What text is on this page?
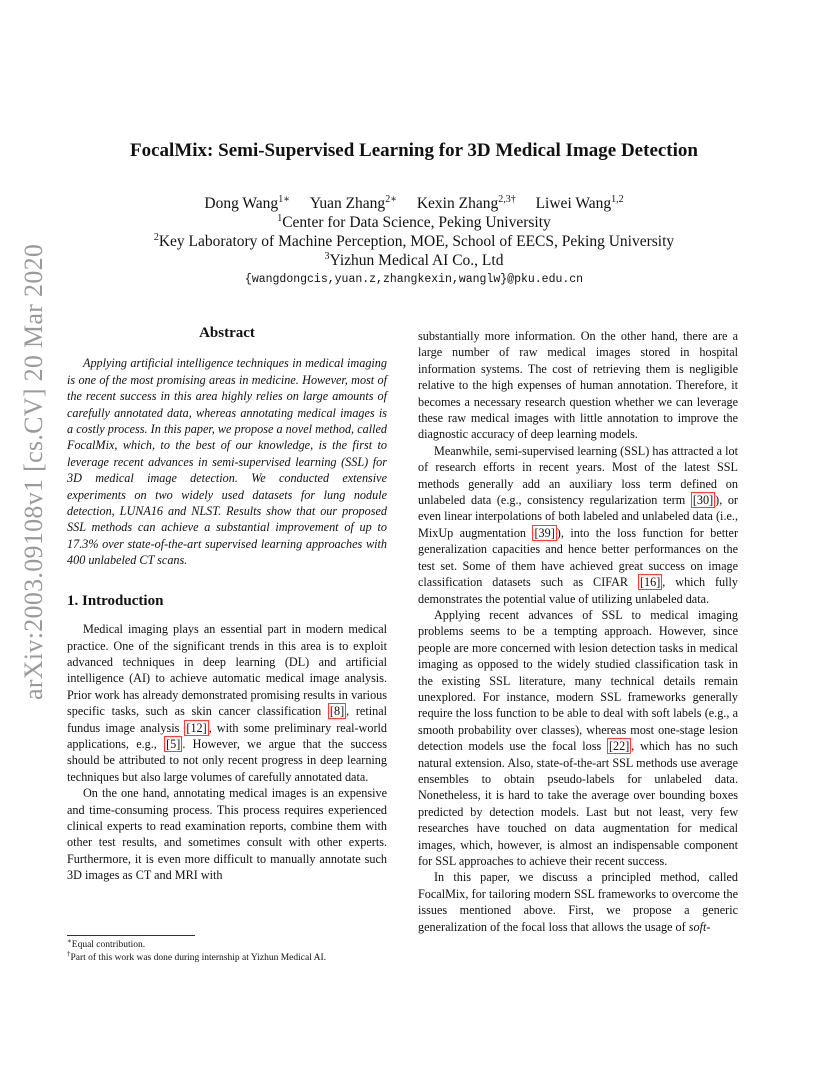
arXiv:2003.09108v1 [cs.CV] 20 Mar 2020
FocalMix: Semi-Supervised Learning for 3D Medical Image Detection
Dong Wang$^{1∗}$ Yuan Zhang$^{2∗}$ Kexin Zhang$^{2,3\dagger}$ Liwei Wang$^{1,2}$
$^1$Center for Data Science, Peking University
$^2$Key Laboratory of Machine Perception, MOE, School of EECS, Peking University
$^3$Yizhun Medical AI Co., Ltd
{wangdongcis,yuan.z,zhangkexin,wanglw}@pku.edu.cn
Abstract

Applying artificial intelligence techniques in medical imaging is one of the most promising areas in medicine. However, most of the recent success in this area highly relies on large amounts of carefully annotated data, whereas annotating medical images is a costly process. In this paper, we propose a novel method, called FocalMix, which, to the best of our knowledge, is the first to leverage recent advances in semi-supervised learning (SSL) for 3D medical image detection. We conducted extensive experiments on two widely used datasets for lung nodule detection, LUNA16 and NLST. Results show that our proposed SSL methods can achieve a substantial improvement of up to 17.3% over state-of-the-art supervised learning approaches with 400 unlabeled CT scans.

1. Introduction

Medical imaging plays an essential part in modern medical practice. One of the significant trends in this area is to exploit advanced techniques in deep learning (DL) and artificial intelligence (AI) to achieve automatic medical image analysis. Prior work has already demonstrated promising results in various specific tasks, such as skin cancer classification [8] , retinal fundus image analysis [12] , with some preliminary real-world applications, e.g., [5] . However, we argue that the success should be attributed to not only recent progress in deep learning techniques but also large volumes of carefully annotated data.

On the one hand, annotating medical images is an expensive and time-consuming process. This process requires experienced clinical experts to read examination reports, combine them with other test results, and sometimes consult with other experts. Furthermore, it is even more difficult to manually annotate such 3D images as CT and MRI with

∗Equal contribution.
†Part of this work was done during internship at Yizhun Medical AI.

substantially more information. On the other hand, there are a large number of raw medical images stored in hospital information systems. The cost of retrieving them is negligible relative to the high expenses of human annotation. Therefore, it becomes a necessary research question whether we can leverage these raw medical images with little annotation to improve the diagnostic accuracy of deep learning models.

Meanwhile, semi-supervised learning (SSL) has attracted a lot of research efforts in recent years. Most of the latest SSL methods generally add an auxiliary loss term defined on unlabeled data (e.g., consistency regularization term [30] ), or even linear interpolations of both labeled and unlabeled data (i.e., MixUp augmentation [39] ), into the loss function for better generalization capacities and hence better performances on the test set. Some of them have achieved great success on image classification datasets such as CIFAR [16] , which fully demonstrates the potential value of utilizing unlabeled data.

Applying recent advances of SSL to medical imaging problems seems to be a tempting approach. However, since people are more concerned with lesion detection tasks in medical imaging as opposed to the widely studied classification task in the existing SSL literature, many technical details remain unexplored. For instance, modern SSL frameworks generally require the loss function to be able to deal with soft labels (e.g., a smooth probability over classes), whereas most one-stage lesion detection models use the focal loss [22] , which has no such natural extension. Also, state-of-the-art SSL methods use average ensembles to obtain pseudo-labels for unlabeled data. Nonetheless, it is hard to take the average over bounding boxes predicted by detection models. Last but not least, very few researches have touched on data augmentation for medical images, which, however, is almost an indispensable component for SSL approaches to achieve their recent success.

In this paper, we discuss a principled method, called FocalMix, for tailoring modern SSL frameworks to overcome the issues mentioned above. First, we propose a generic generalization of the focal loss that allows the usage of soft-
